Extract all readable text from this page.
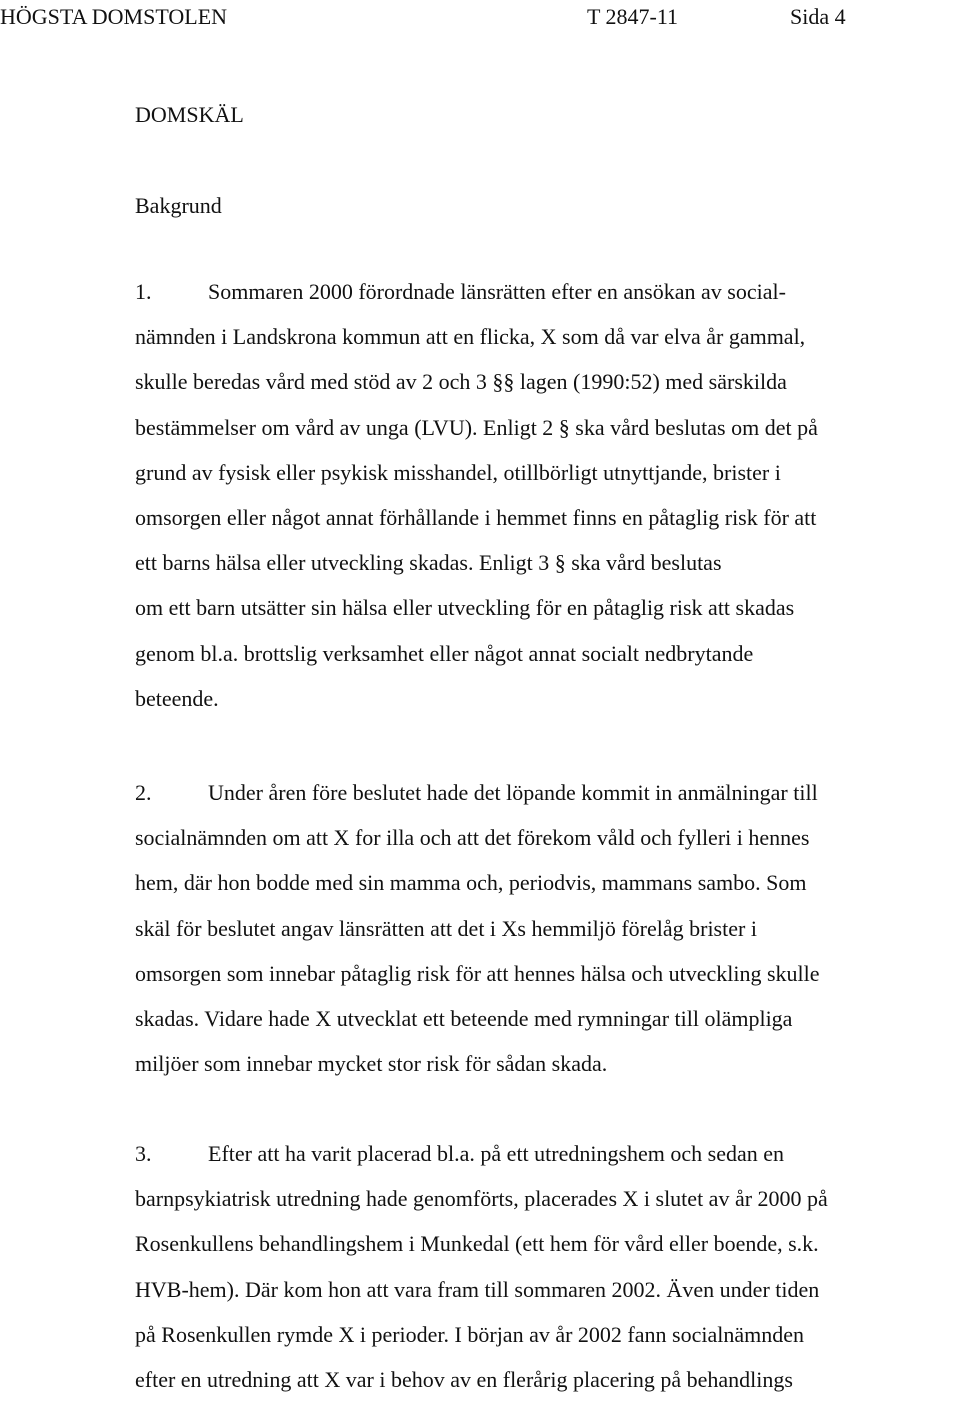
HÖGSTA DOMSTOLEN	T 2847-11	Sida 4
DOMSKÄL
Bakgrund
1.	Sommaren 2000 förordnade länsrätten efter en ansökan av social-
nämnden i Landskrona kommun att en flicka, X som då var elva år gammal,
skulle beredas vård med stöd av 2 och 3 §§ lagen (1990:52) med särskilda
bestämmelser om vård av unga (LVU). Enligt 2 § ska vård beslutas om det på
grund av fysisk eller psykisk misshandel, otillbörligt utnyttjande, brister i
omsorgen eller något annat förhållande i hemmet finns en påtaglig risk för att
ett barns hälsa eller utveckling skadas. Enligt 3 § ska vård beslutas
om ett barn utsätter sin hälsa eller utveckling för en påtaglig risk att skadas
genom bl.a. brottslig verksamhet eller något annat socialt nedbrytande
beteende.
2.	Under åren före beslutet hade det löpande kommit in anmälningar till
socialnämnden om att X for illa och att det förekom våld och fylleri i hennes
hem, där hon bodde med sin mamma och, periodvis, mammans sambo. Som
skäl för beslutet angav länsrätten att det i Xs hemmiljö förelåg brister i
omsorgen som innebar påtaglig risk för att hennes hälsa och utveckling skulle
skadas. Vidare hade X utvecklat ett beteende med rymningar till olämpliga
miljöer som innebar mycket stor risk för sådan skada.
3.	Efter att ha varit placerad bl.a. på ett utredningshem och sedan en
barnpsykiatrisk utredning hade genomförts, placerades X i slutet av år 2000 på
Rosenkullens behandlingshem i Munkedal (ett hem för vård eller boende, s.k.
HVB-hem). Där kom hon att vara fram till sommaren 2002. Även under tiden
på Rosenkullen rymde X i perioder. I början av år 2002 fann socialnämnden
efter en utredning att X var i behov av en flerårig placering på behandlings
